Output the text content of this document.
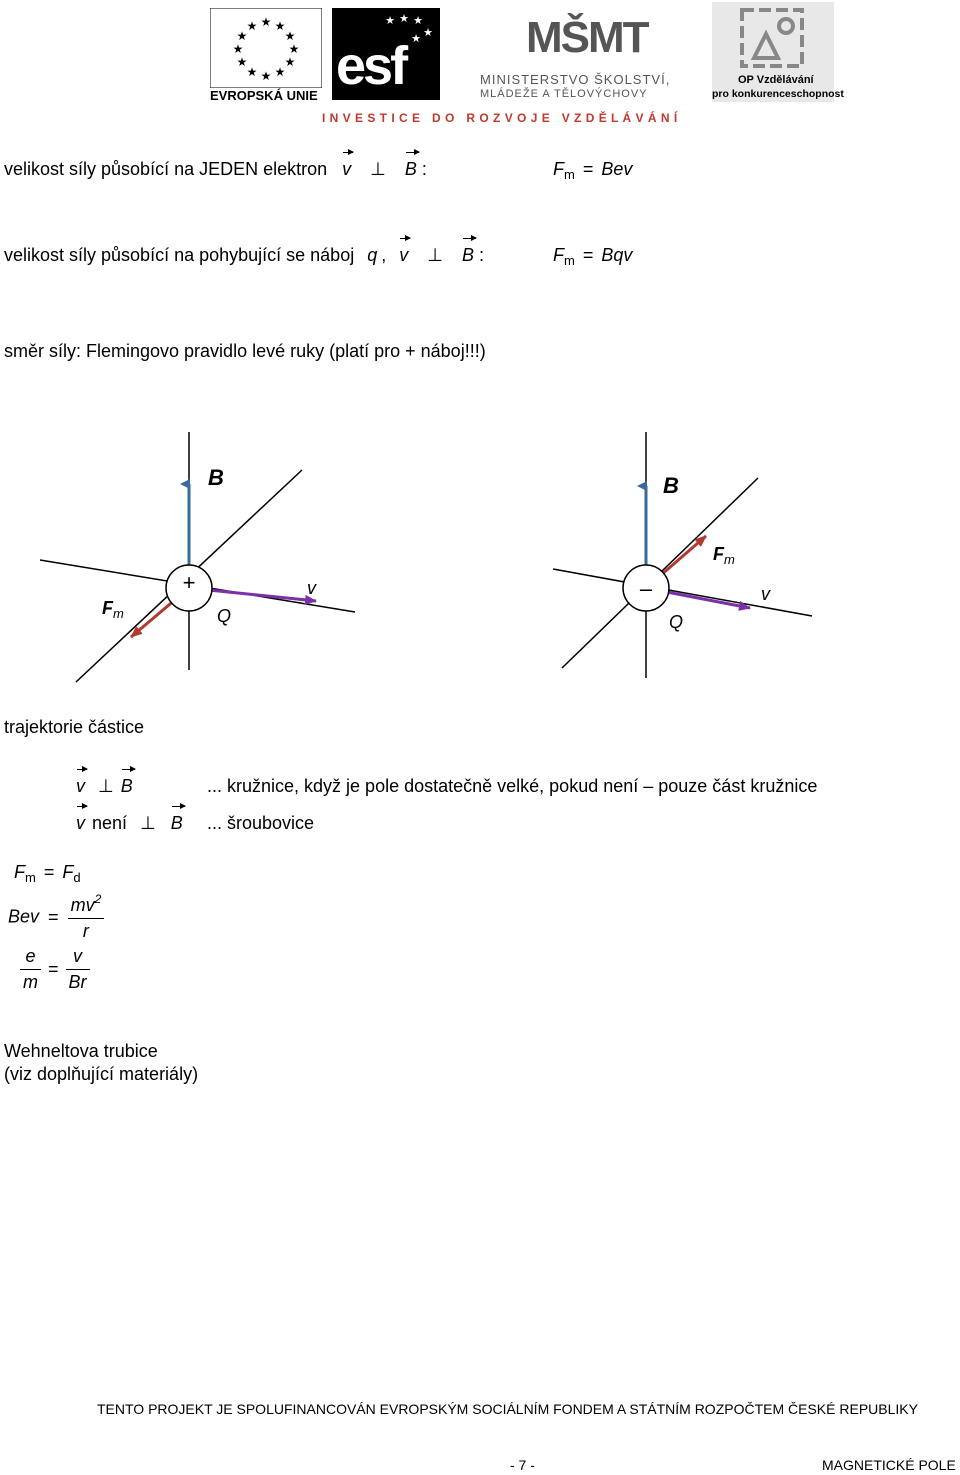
★ ★
★
★
★
★
★
★
★
★
★
★
EVROPSKÁ UNIE
★ ★ ★
★
★
esf	MŠMT
MINISTERSTVO ŠKOLSTVÍ,
MLÁDEŽE A TĚLOVÝCHOVY
OP Vzdělávání
pro konkurenceschopnost
I N V E S T I C E   D O   R O Z V O J E   V Z D Ě L Á V Á N Í
velikost síly působící na JEDEN elektron v ⊥ B :	$F_m$ = Bev
velikost síly působící na pohybující se náboj q , v ⊥ B :	$F_m$ = Bqv
směr síly: Flemingovo pravidlo levé ruky (platí pro + náboj!!!)
+
B
$F_m$	Q
v	–
B
$F_m$
Q
v
trajektorie částice
v ⊥ B	... kružnice, když je pole dostatečně velké, pokud není – pouze část kružnice
v není ⊥ B ... šroubovice
$F_m = F_d$
Bev = $\frac{mv^2}{r}$
$\frac{e}{m} = \frac{v}{Br}$
Wehneltova trubice
(viz doplňující materiály)
TENTO PROJEKT JE SPOLUFINANCOVÁN EVROPSKÝM SOCIÁLNÍM FONDEM A STÁTNÍM ROZPOČTEM ČESKÉ REPUBLIKY
- 7 -	MAGNETICKÉ POLE
